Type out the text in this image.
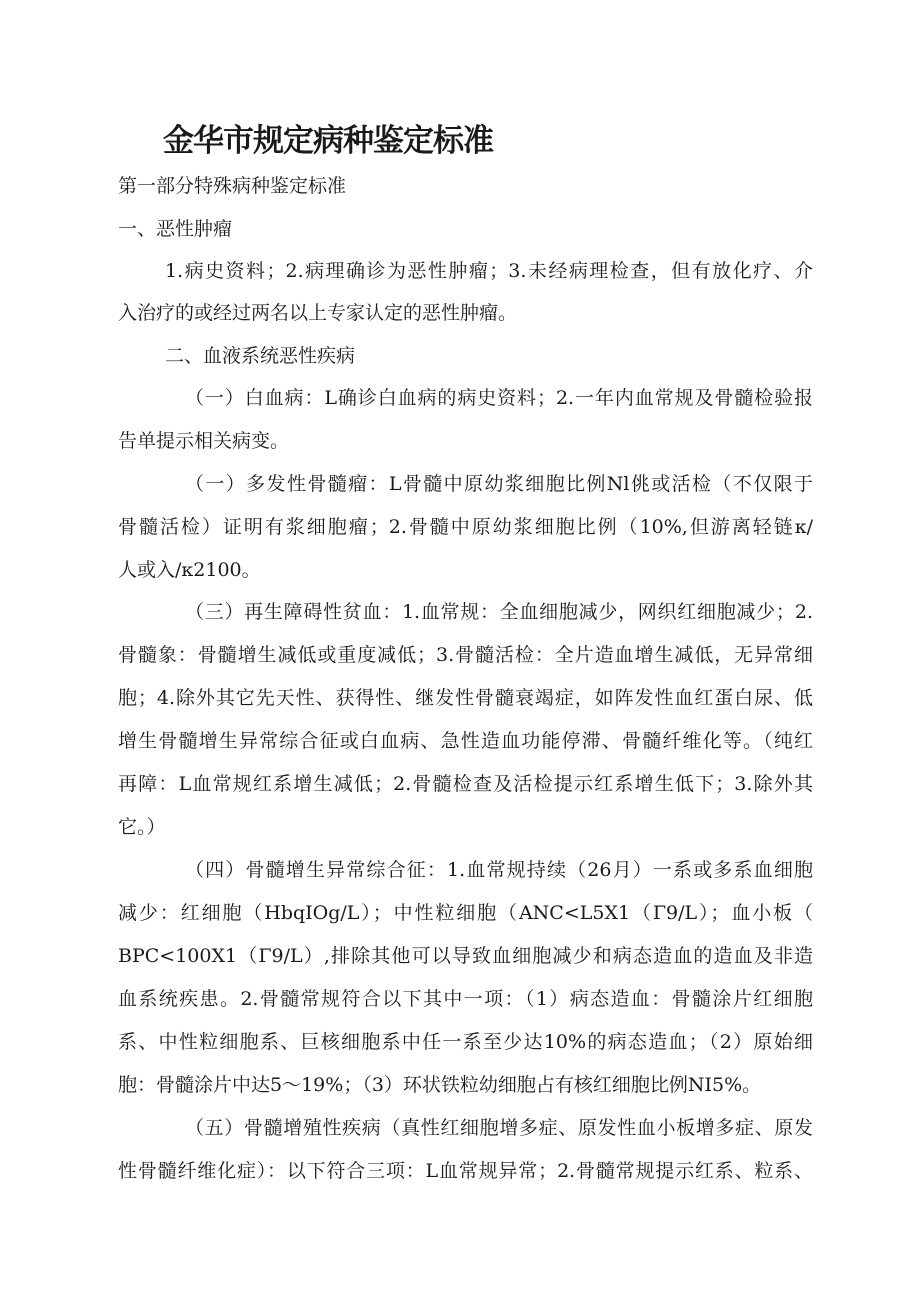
金华市规定病种鉴定标准
第一部分特殊病种鉴定标准
一、恶性肿瘤
1.病史资料；2.病理确诊为恶性肿瘤；3.未经病理检查，但有放化疗、介
入治疗的或经过两名以上专家认定的恶性肿瘤。
二、血液系统恶性疾病
（一）白血病：L确诊白血病的病史资料；2.一年内血常规及骨髓检验报
告单提示相关病变。
（一）多发性骨髓瘤：L骨髓中原幼浆细胞比例Nl佻或活检（不仅限于
骨髓活检）证明有浆细胞瘤；2.骨髓中原幼浆细胞比例（10%,但游离轻链κ/
人或入/κ2100。
（三）再生障碍性贫血：1.血常规：全血细胞减少，网织红细胞减少；2.
骨髓象：骨髓增生减低或重度减低；3.骨髓活检：全片造血增生减低，无异常细
胞；4.除外其它先天性、获得性、继发性骨髓衰竭症，如阵发性血红蛋白尿、低
增生骨髓增生异常综合征或白血病、急性造血功能停滞、骨髓纤维化等。（纯红
再障：L血常规红系增生减低；2.骨髓检查及活检提示红系增生低下；3.除外其
它。）
（四）骨髓增生异常综合征：1.血常规持续（26月）一系或多系血细胞
减少：红细胞（HbqIOg/L）；中性粒细胞（ANC<L5X1（Γ9/L）；血小板（
BPC<100X1（Γ9/L）,排除其他可以导致血细胞减少和病态造血的造血及非造
血系统疾患。2.骨髓常规符合以下其中一项：（1）病态造血：骨髓涂片红细胞
系、中性粒细胞系、巨核细胞系中任一系至少达10%的病态造血；（2）原始细
胞：骨髓涂片中达5～19%；（3）环状铁粒幼细胞占有核红细胞比例NI5%。
（五）骨髓增殖性疾病（真性红细胞增多症、原发性血小板增多症、原发
性骨髓纤维化症）：以下符合三项：L血常规异常；2.骨髓常规提示红系、粒系、
